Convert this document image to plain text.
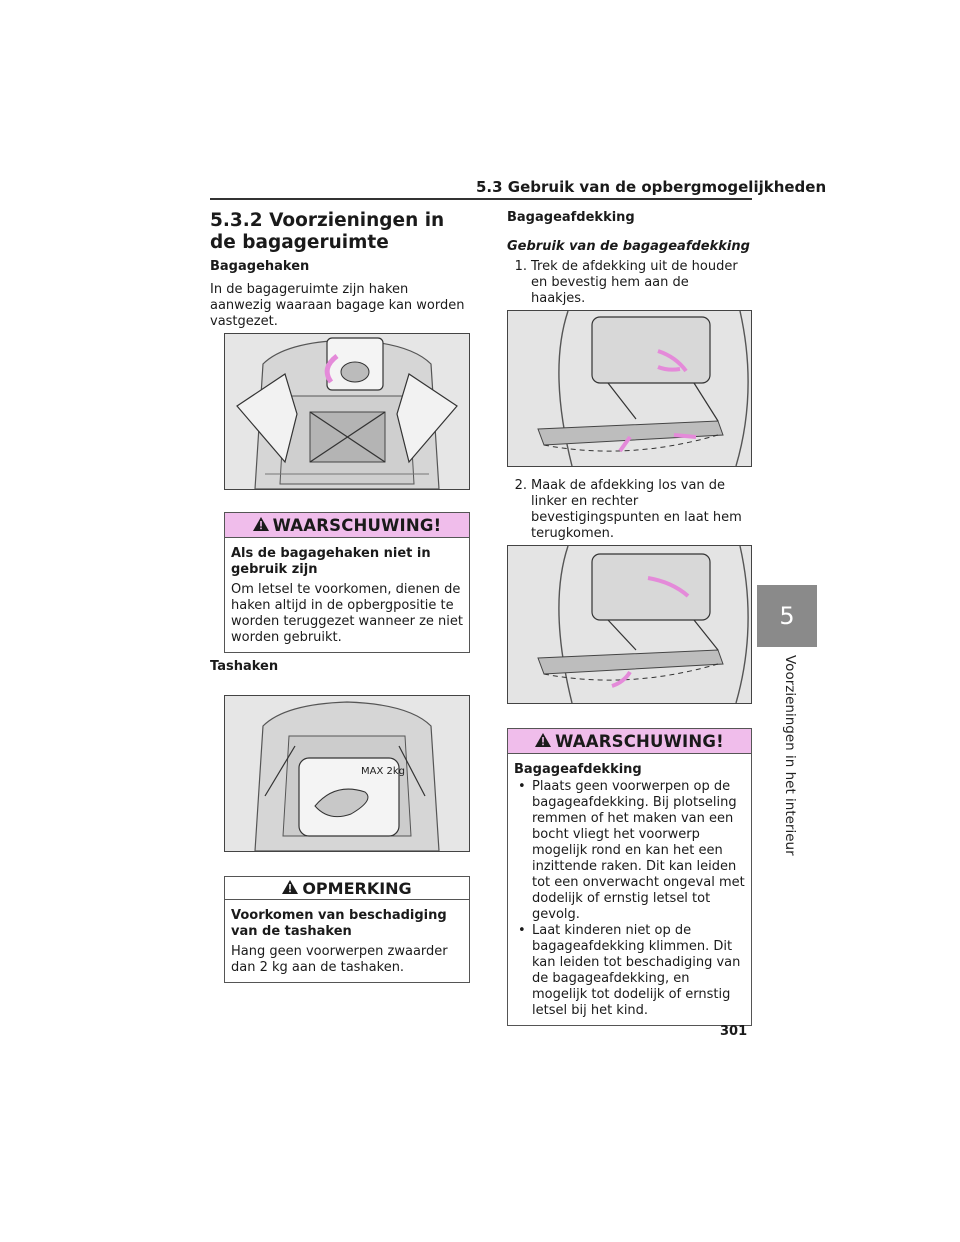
5.3 Gebruik van de opbergmogelijkheden
5
Voorzieningen in het interieur
5.3.2 Voorzieningen in de bagageruimte
Bagagehaken
In de bagageruimte zijn haken aanwezig waaraan bagage kan worden vastgezet.
WAARSCHUWING!
Als de bagagehaken niet in gebruik zijn
Om letsel te voorkomen, dienen de haken altijd in de opbergpositie te worden teruggezet wanneer ze niet worden gebruikt.
Tashaken
MAX 2kg
OPMERKING
Voorkomen van beschadiging van de tashaken
Hang geen voorwerpen zwaarder dan 2 kg aan de tashaken.
Bagageafdekking
Gebruik van de bagageafdekking
1. Trek de afdekking uit de houder en bevestig hem aan de haakjes.
2. Maak de afdekking los van de linker en rechter bevestigingspunten en laat hem terugkomen.
WAARSCHUWING!
Bagageafdekking
• Plaats geen voorwerpen op de bagageafdekking. Bij plotseling remmen of het maken van een bocht vliegt het voorwerp mogelijk rond en kan het een inzittende raken. Dit kan leiden tot een onverwacht ongeval met dodelijk of ernstig letsel tot gevolg.
• Laat kinderen niet op de bagageafdekking klimmen. Dit kan leiden tot beschadiging van de bagageafdekking, en mogelijk tot dodelijk of ernstig letsel bij het kind.
301
